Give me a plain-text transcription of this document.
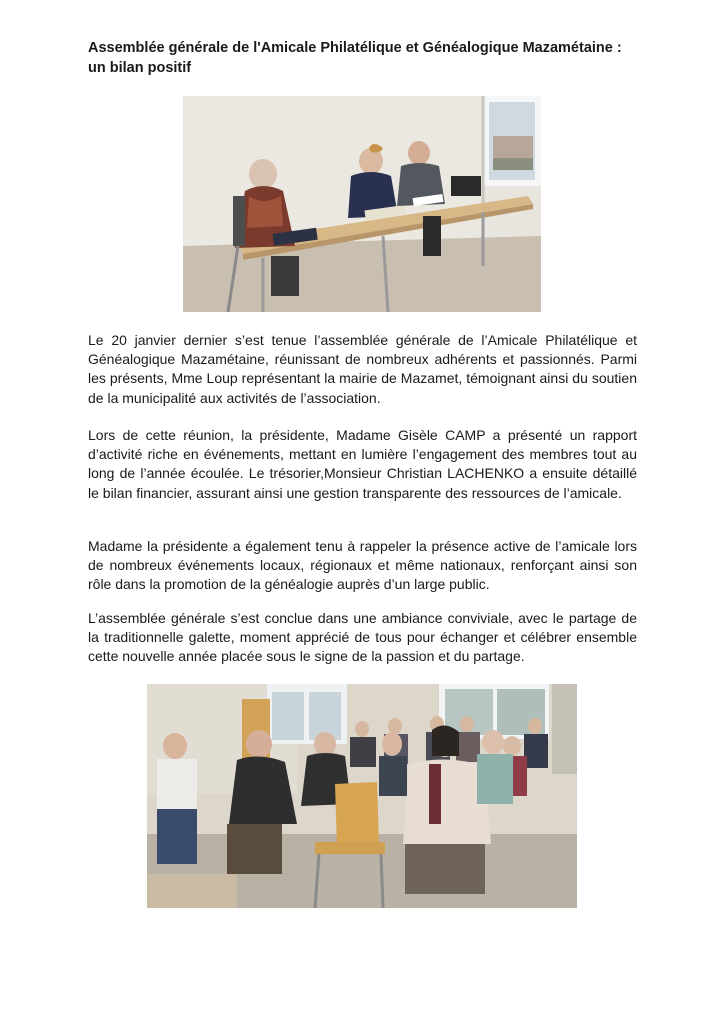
Assemblée générale de l'Amicale Philatélique et Généalogique Mazamétaine : un bilan positif

Le 20 janvier dernier s’est tenue l’assemblée générale de l’Amicale Philatélique et Généalogique Mazamétaine, réunissant de nombreux adhérents et passionnés. Parmi les présents, Mme Loup représentant la mairie de Mazamet, témoignant ainsi du soutien de la municipalité aux activités de l’association.

Lors de cette réunion, la présidente, Madame Gisèle CAMP a présenté un rapport d’activité riche en événements, mettant en lumière l’engagement des membres tout au long de l’année écoulée. Le trésorier,Monsieur Christian LACHENKO a ensuite détaillé le bilan financier, assurant ainsi une gestion transparente des ressources de l’amicale.

Madame la présidente a également tenu à rappeler la présence active de l’amicale lors de nombreux événements locaux, régionaux et même nationaux, renforçant ainsi son rôle dans la promotion de la généalogie auprès d’un large public.

L’assemblée générale s’est conclue dans une ambiance conviviale, avec le partage de la traditionnelle galette, moment apprécié de tous pour échanger et célébrer ensemble cette nouvelle année placée sous le signe de la passion et du partage.
